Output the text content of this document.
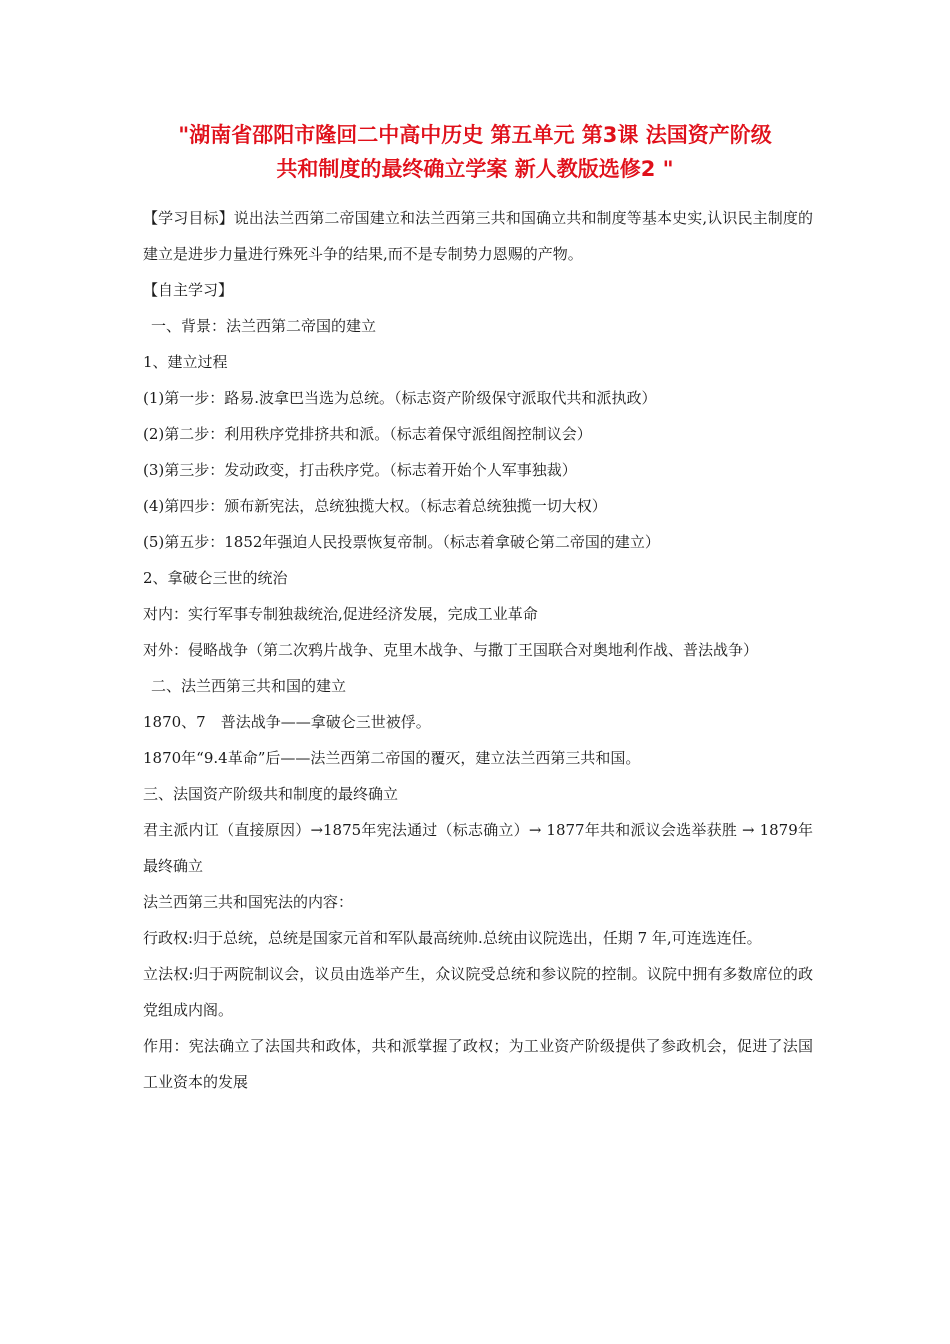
"湖南省邵阳市隆回二中高中历史 第五单元 第3课 法国资产阶级
共和制度的最终确立学案 新人教版选修2 "

【学习目标】说出法兰西第二帝国建立和法兰西第三共和国确立共和制度等基本史实,认识民主制度的建立是进步力量进行殊死斗争的结果,而不是专制势力恩赐的产物。

【自主学习】
一、背景：法兰西第二帝国的建立
1、建立过程
(1)第一步：路易.波拿巴当选为总统。（标志资产阶级保守派取代共和派执政）
(2)第二步：利用秩序党排挤共和派。（标志着保守派组阁控制议会）
(3)第三步：发动政变，打击秩序党。（标志着开始个人军事独裁）
(4)第四步：颁布新宪法，总统独揽大权。（标志着总统独揽一切大权）
(5)第五步：1852年强迫人民投票恢复帝制。（标志着拿破仑第二帝国的建立）
2、拿破仑三世的统治
对内：实行军事专制独裁统治,促进经济发展，完成工业革命

对外：侵略战争（第二次鸦片战争、克里木战争、与撒丁王国联合对奥地利作战、普法战争）

二、法兰西第三共和国的建立
1870、7　普法战争——拿破仑三世被俘。
1870年“9.4革命”后——法兰西第二帝国的覆灭，建立法兰西第三共和国。
三、法国资产阶级共和制度的最终确立

君主派内讧（直接原因）→1875年宪法通过（标志确立）→ 1877年共和派议会选举获胜 → 1879年最终确立

法兰西第三共和国宪法的内容：

行政权:归于总统，总统是国家元首和军队最高统帅.总统由议院选出，任期 7 年,可连选连任。

立法权:归于两院制议会，议员由选举产生，众议院受总统和参议院的控制。议院中拥有多数席位的政党组成内阁。

作用：宪法确立了法国共和政体，共和派掌握了政权；为工业资产阶级提供了参政机会，促进了法国工业资本的发展
